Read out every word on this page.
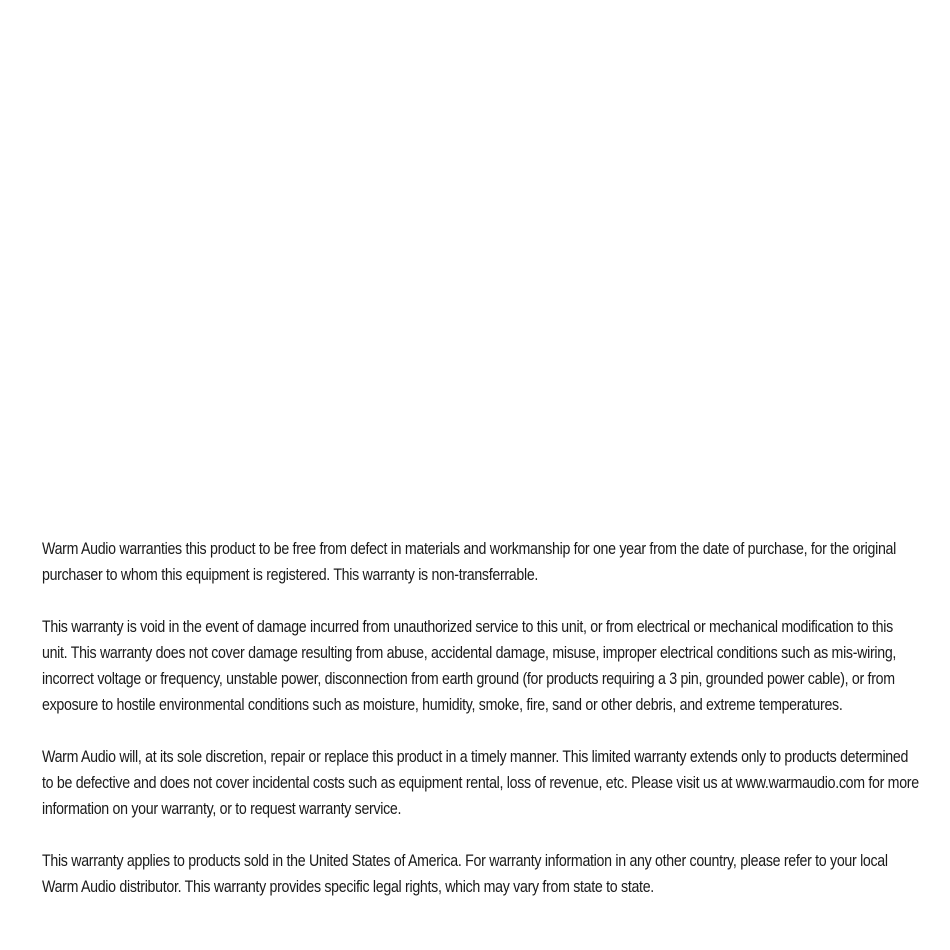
Warm Audio warranties this product to be free from defect in materials and workmanship for one year from the date of purchase, for the original purchaser to whom this equipment is registered. This warranty is non-transferrable.

This warranty is void in the event of damage incurred from unauthorized service to this unit, or from electrical or mechanical modification to this unit. This warranty does not cover damage resulting from abuse, accidental damage, misuse, improper electrical conditions such as mis-wiring, incorrect voltage or frequency, unstable power, disconnection from earth ground (for products requiring a 3 pin, grounded power cable), or from exposure to hostile environmental conditions such as moisture, humidity, smoke, fire, sand or other debris, and extreme temperatures.

Warm Audio will, at its sole discretion, repair or replace this product in a timely manner. This limited warranty extends only to products determined to be defective and does not cover incidental costs such as equipment rental, loss of revenue, etc. Please visit us at www.warmaudio.com for more information on your warranty, or to request warranty service.

This warranty applies to products sold in the United States of America. For warranty information in any other country, please refer to your local Warm Audio distributor. This warranty provides specific legal rights, which may vary from state to state.
